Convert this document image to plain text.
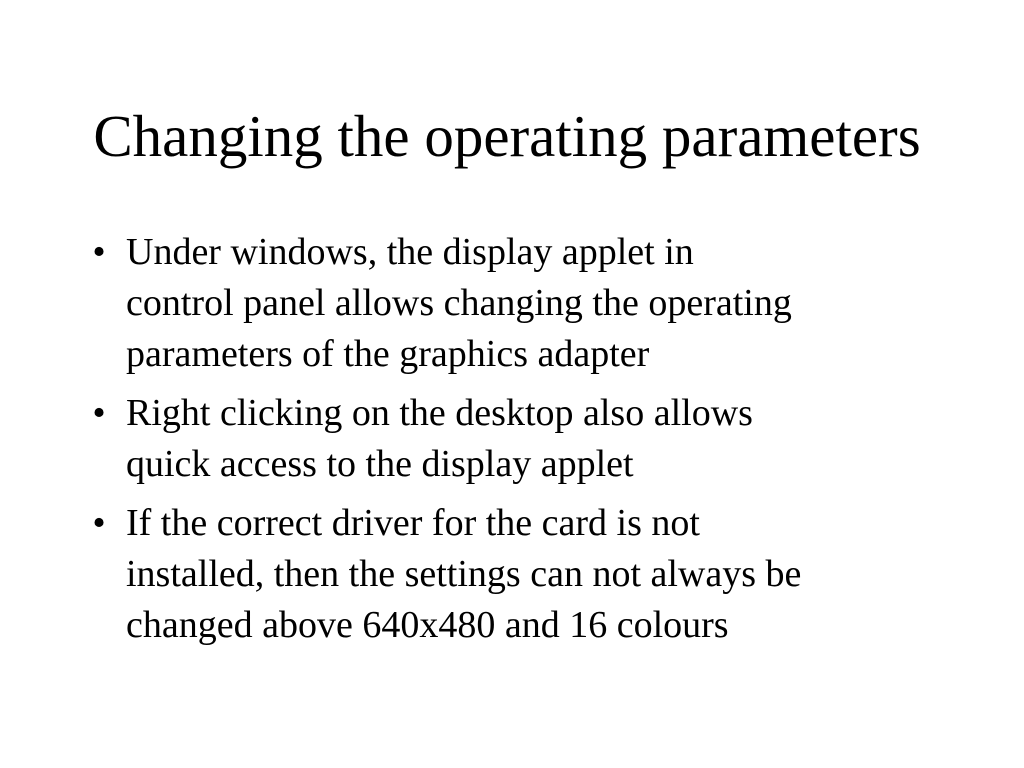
Changing the operating parameters
• Under windows, the display applet in
control panel allows changing the operating
parameters of the graphics adapter
• Right clicking on the desktop also allows
quick access to the display applet
• If the correct driver for the card is not
installed, then the settings can not always be
changed above 640x480 and 16 colours
